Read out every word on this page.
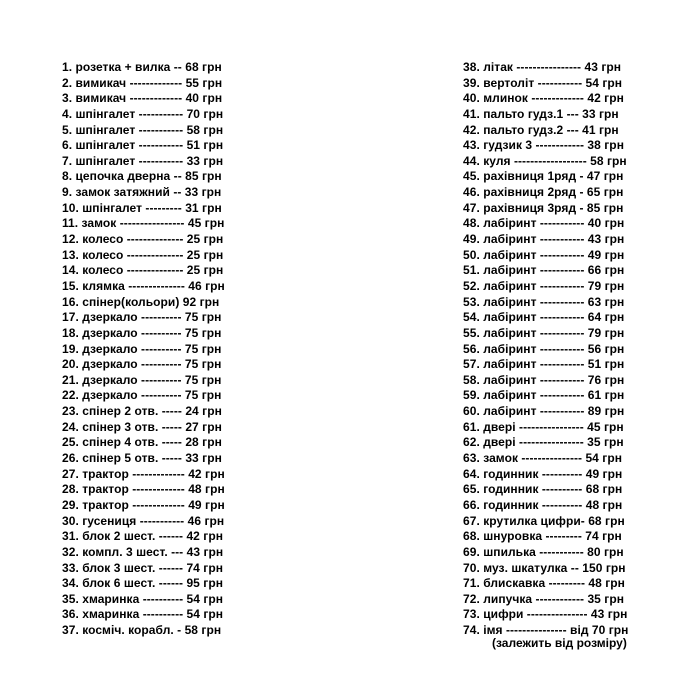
1. розетка + вилка -- 68 грн
2. вимикач ------------- 55 грн
3. вимикач ------------- 40 грн
4. шпінгалет ----------- 70 грн
5. шпінгалет ----------- 58 грн
6. шпінгалет ----------- 51 грн
7. шпінгалет ----------- 33 грн
8. цепочка дверна -- 85 грн
9. замок затяжний -- 33 грн
10. шпінгалет --------- 31 грн
11. замок ---------------- 45 грн
12. колесо -------------- 25 грн
13. колесо -------------- 25 грн
14. колесо -------------- 25 грн
15. клямка -------------- 46 грн
16. спінер(кольори) 92 грн
17. дзеркало ---------- 75 грн
18. дзеркало ---------- 75 грн
19. дзеркало ---------- 75 грн
20. дзеркало ---------- 75 грн
21. дзеркало ---------- 75 грн
22. дзеркало ---------- 75 грн
23. спінер 2 отв. ----- 24 грн
24. спінер 3 отв. ----- 27 грн
25. спінер 4 отв. ----- 28 грн
26. спінер 5 отв. ----- 33 грн
27. трактор ------------- 42 грн
28. трактор ------------- 48 грн
29. трактор ------------- 49 грн
30. гусениця ----------- 46 грн
31. блок 2 шест. ------ 42 грн
32. компл. 3 шест. --- 43 грн
33. блок 3 шест. ------ 74 грн
34. блок 6 шест. ------ 95 грн
35. хмаринка ---------- 54 грн
36. хмаринка ---------- 54 грн
37. космiч. корабл. - 58 грн
38. літак ---------------- 43 грн
39. вертоліт ----------- 54 грн
40. млинок ------------- 42 грн
41. пальто гудз.1 --- 33 грн
42. пальто гудз.2 --- 41 грн
43. гудзик 3 ------------ 38 грн
44. куля ------------------ 58 грн
45. рахівниця 1ряд - 47 грн
46. рахівниця 2ряд - 65 грн
47. рахівниця 3ряд - 85 грн
48. лабіринт ----------- 40 грн
49. лабіринт ----------- 43 грн
50. лабіринт ----------- 49 грн
51. лабіринт ----------- 66 грн
52. лабіринт ----------- 79 грн
53. лабіринт ----------- 63 грн
54. лабіринт ----------- 64 грн
55. лабіринт ----------- 79 грн
56. лабіринт ----------- 56 грн
57. лабіринт ----------- 51 грн
58. лабіринт ----------- 76 грн
59. лабіринт ----------- 61 грн
60. лабіринт ----------- 89 грн
61. двері ---------------- 45 грн
62. двері ---------------- 35 грн
63. замок --------------- 54 грн
64. годинник ---------- 49 грн
65. годинник ---------- 68 грн
66. годинник ---------- 48 грн
67. крутилка цифри- 68 грн
68. шнуровка --------- 74 грн
69. шпилька ----------- 80 грн
70. муз. шкатулка -- 150 грн
71. блискавка --------- 48 грн
72. липучка ------------ 35 грн
73. цифри --------------- 43 грн
74. імя --------------- від 70 грн
(залежить від розміру)
